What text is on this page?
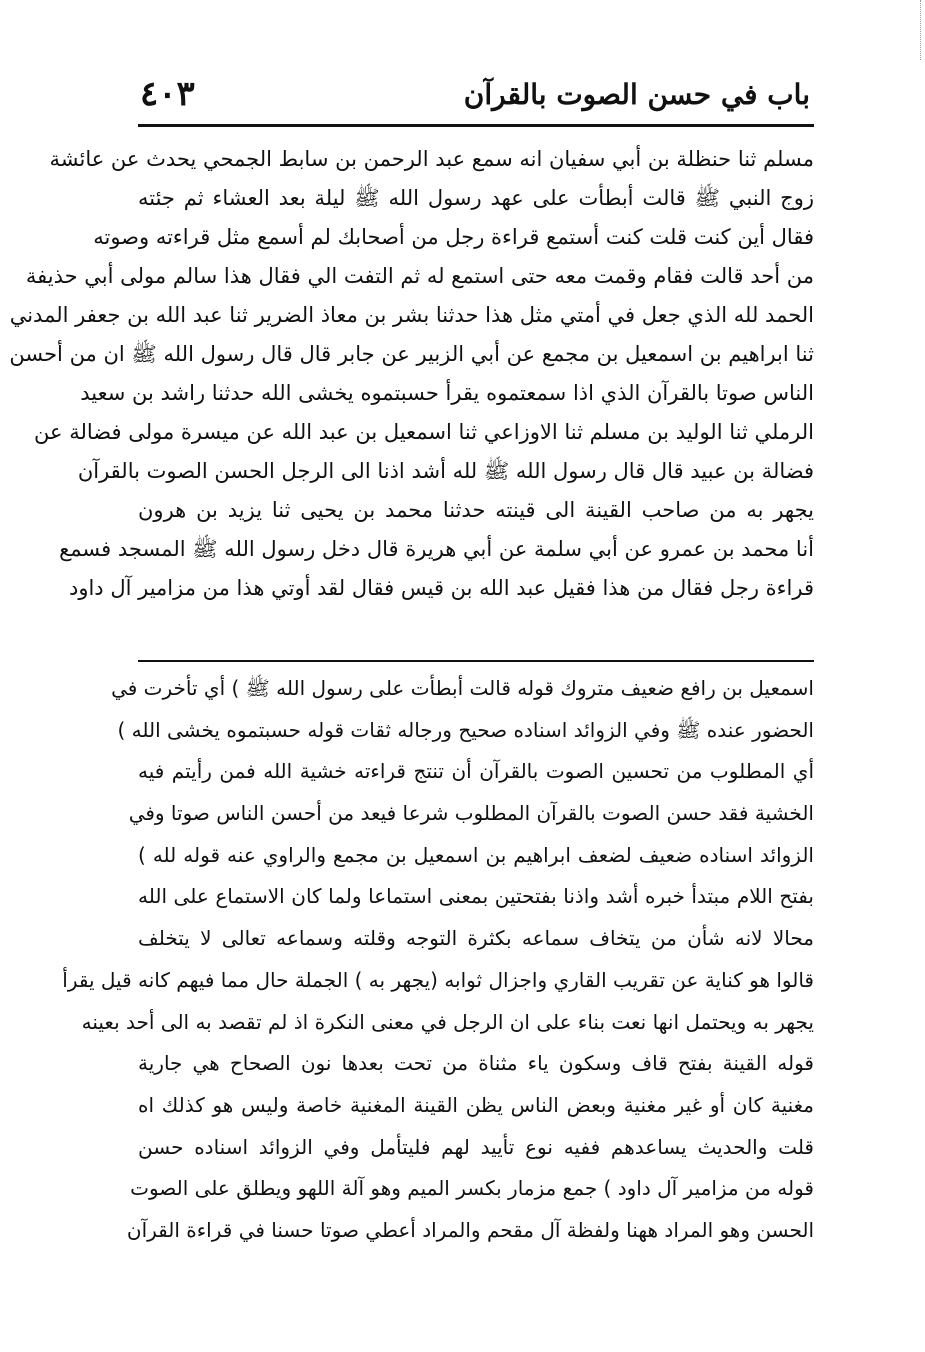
باب في حسن الصوت بالقرآن
٤٠٣
مسلم ثنا حنظلة بن أبي سفيان انه سمع عبد الرحمن بن سابط الجمحي يحدث عن عائشة
زوج النبي ﷺ قالت أبطأت على عهد رسول الله ﷺ ليلة بعد العشاء ثم جئته
فقال أين كنت قلت كنت أستمع قراءة رجل من أصحابك لم أسمع مثل قراءته وصوته
من أحد قالت فقام وقمت معه حتى استمع له ثم التفت الي فقال هذا سالم مولى أبي حذيفة
الحمد لله الذي جعل في أمتي مثل هذا حدثنا بشر بن معاذ الضرير ثنا عبد الله بن جعفر المدني
ثنا ابراهيم بن اسمعيل بن مجمع عن أبي الزبير عن جابر قال قال رسول الله ﷺ ان من أحسن
الناس صوتا بالقرآن الذي اذا سمعتموه يقرأ حسبتموه يخشى الله حدثنا راشد بن سعيد
الرملي ثنا الوليد بن مسلم ثنا الاوزاعي ثنا اسمعيل بن عبد الله عن ميسرة مولى فضالة عن
فضالة بن عبيد قال قال رسول الله ﷺ لله أشد اذنا الى الرجل الحسن الصوت بالقرآن
يجهر به من صاحب القينة الى قينته حدثنا محمد بن يحيى ثنا يزيد بن هرون
أنا محمد بن عمرو عن أبي سلمة عن أبي هريرة قال دخل رسول الله ﷺ المسجد فسمع
قراءة رجل فقال من هذا فقيل عبد الله بن قيس فقال لقد أوتي هذا من مزامير آل داود
اسمعيل بن رافع ضعيف متروك قوله قالت أبطأت على رسول الله ﷺ ) أي تأخرت في
الحضور عنده ﷺ وفي الزوائد اسناده صحيح ورجاله ثقات قوله حسبتموه يخشى الله )
أي المطلوب من تحسين الصوت بالقرآن أن تنتج قراءته خشية الله فمن رأيتم فيه
الخشية فقد حسن الصوت بالقرآن المطلوب شرعا فيعد من أحسن الناس صوتا وفي
الزوائد اسناده ضعيف لضعف ابراهيم بن اسمعيل بن مجمع والراوي عنه قوله لله )
بفتح اللام مبتدأ خبره أشد واذنا بفتحتين بمعنى استماعا ولما كان الاستماع على الله
محالا لانه شأن من يتخاف سماعه بكثرة التوجه وقلته وسماعه تعالى لا يتخلف
قالوا هو كناية عن تقريب القاري واجزال ثوابه (يجهر به ) الجملة حال مما فيهم كانه قيل يقرأ
يجهر به ويحتمل انها نعت بناء على ان الرجل في معنى النكرة اذ لم تقصد به الى أحد بعينه
قوله القينة بفتح قاف وسكون ياء مثناة من تحت بعدها نون الصحاح هي جارية
مغنية كان أو غير مغنية وبعض الناس يظن القينة المغنية خاصة وليس هو كذلك اه
قلت والحديث يساعدهم ففيه نوع تأييد لهم فليتأمل وفي الزوائد اسناده حسن
قوله من مزامير آل داود ) جمع مزمار بكسر الميم وهو آلة اللهو ويطلق على الصوت
الحسن وهو المراد ههنا ولفظة آل مقحم والمراد أعطي صوتا حسنا في قراءة القرآن
